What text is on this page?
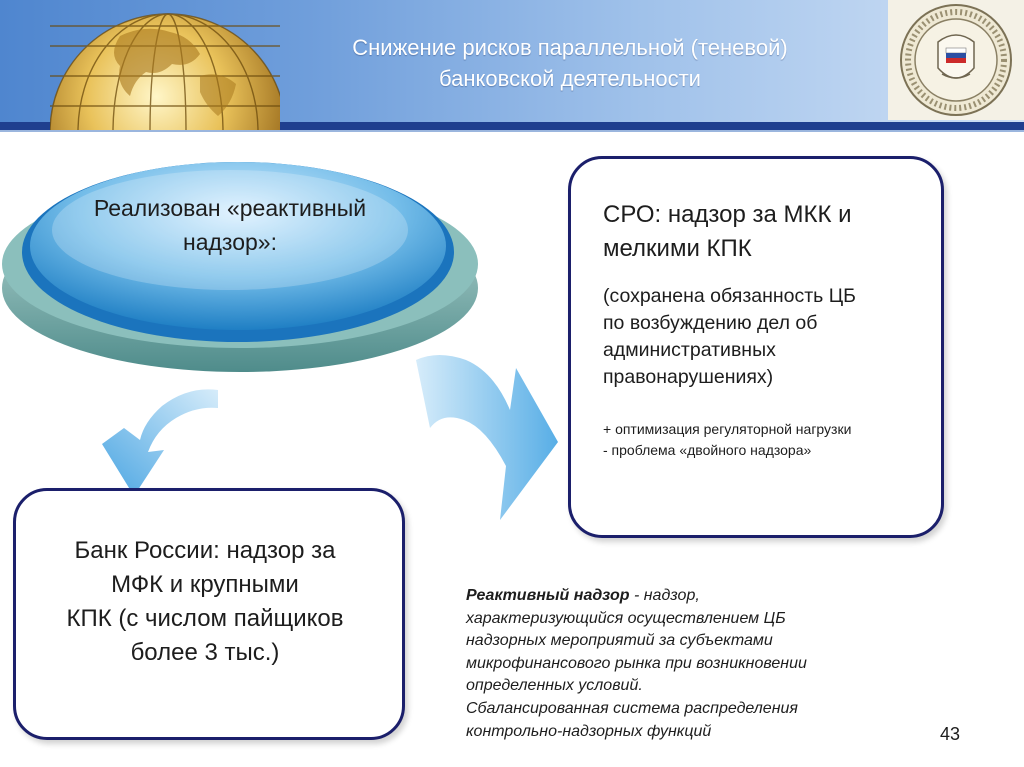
Снижение рисков параллельной (теневой)
банковской деятельности
Реализован «реактивный
надзор»:
СРО: надзор за МКК и
мелкими КПК
(сохранена обязанность ЦБ
по возбуждению дел об
административных
правонарушениях)
+ оптимизация регуляторной нагрузки
- проблема «двойного надзора»
Банк России: надзор за
МФК и крупными
КПК (с числом пайщиков
более 3 тыс.)
Реактивный надзор - надзор,
характеризующийся осуществлением ЦБ
надзорных мероприятий за субъектами
микрофинансового рынка при возникновении
определенных условий.
Сбалансированная система распределения
контрольно-надзорных функций	43
